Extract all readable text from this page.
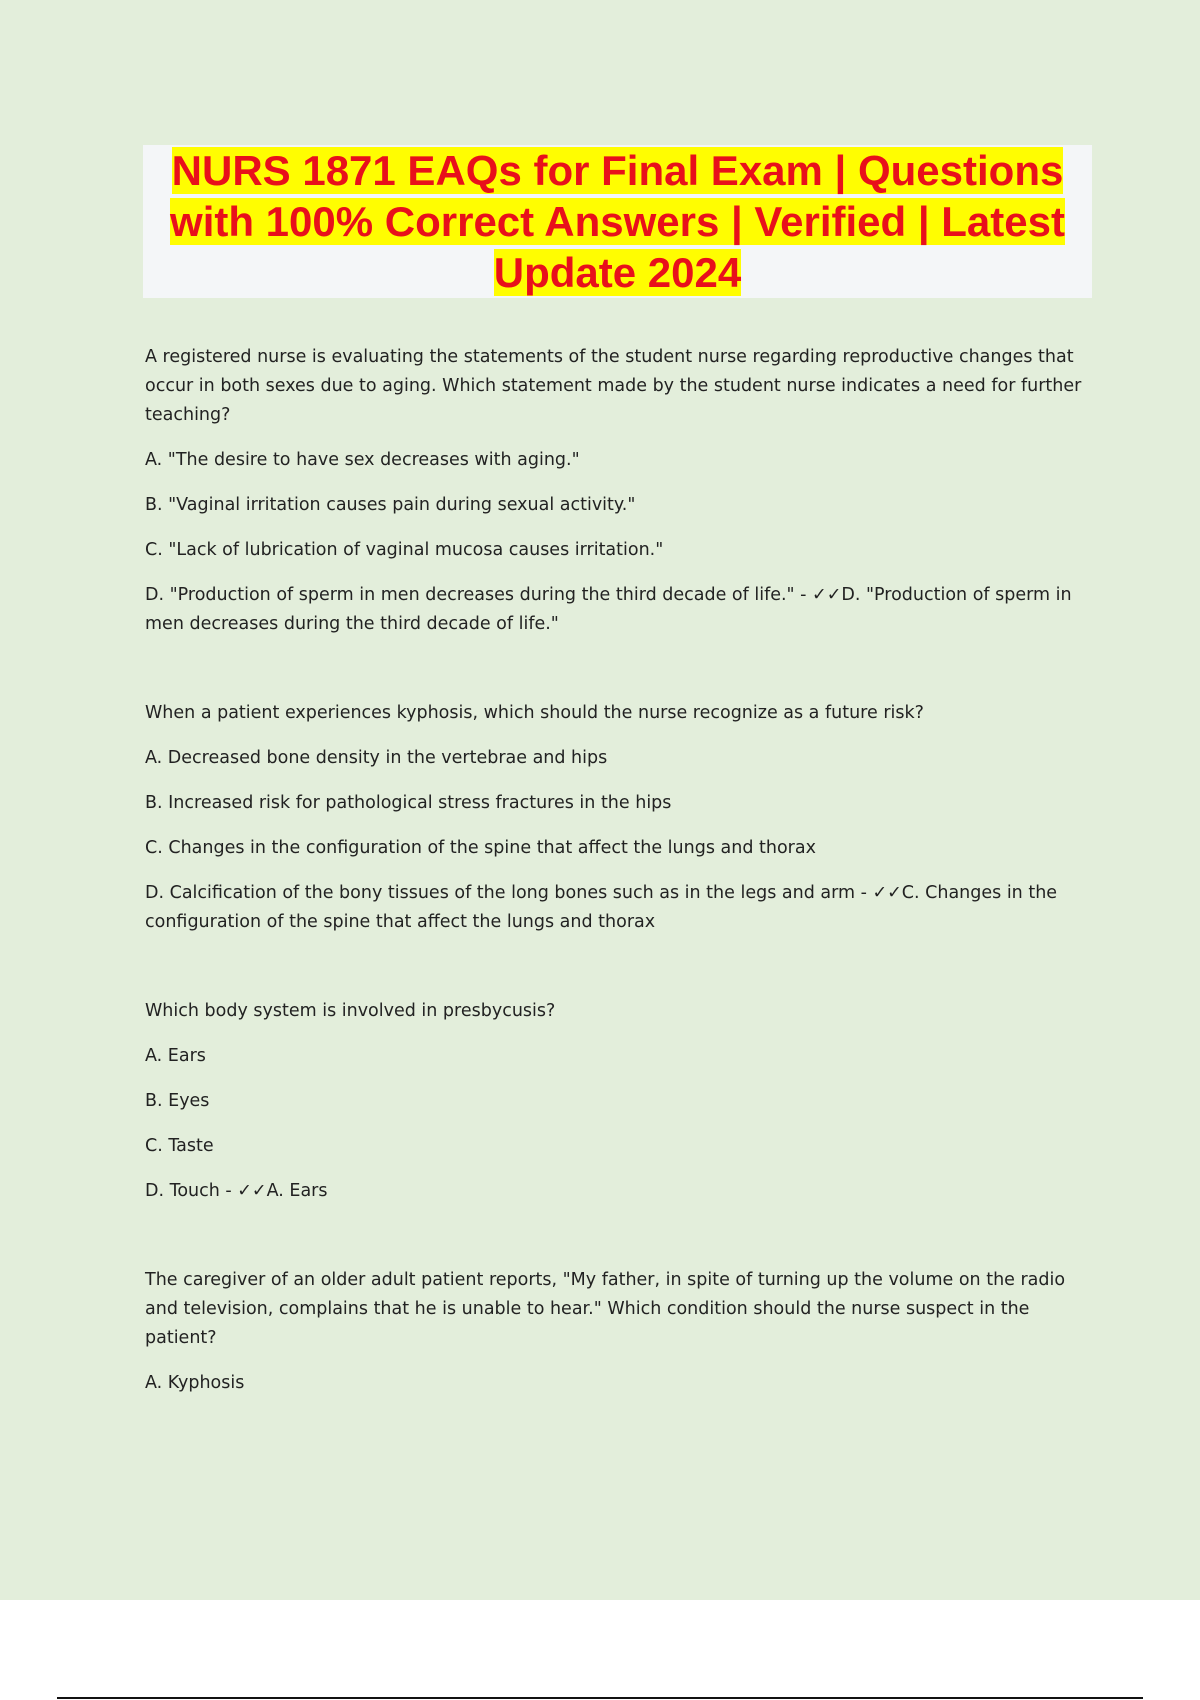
NURS 1871 EAQs for Final Exam | Questions with 100% Correct Answers | Verified | Latest Update 2024

A registered nurse is evaluating the statements of the student nurse regarding reproductive changes that occur in both sexes due to aging. Which statement made by the student nurse indicates a need for further teaching?

A. "The desire to have sex decreases with aging."

B. "Vaginal irritation causes pain during sexual activity."

C. "Lack of lubrication of vaginal mucosa causes irritation."

D. "Production of sperm in men decreases during the third decade of life." - ✓✓D. "Production of sperm in men decreases during the third decade of life."

When a patient experiences kyphosis, which should the nurse recognize as a future risk?

A. Decreased bone density in the vertebrae and hips

B. Increased risk for pathological stress fractures in the hips

C. Changes in the configuration of the spine that affect the lungs and thorax

D. Calcification of the bony tissues of the long bones such as in the legs and arm - ✓✓C. Changes in the configuration of the spine that affect the lungs and thorax

Which body system is involved in presbycusis?

A. Ears

B. Eyes

C. Taste

D. Touch - ✓✓A. Ears

The caregiver of an older adult patient reports, "My father, in spite of turning up the volume on the radio and television, complains that he is unable to hear." Which condition should the nurse suspect in the patient?

A. Kyphosis
